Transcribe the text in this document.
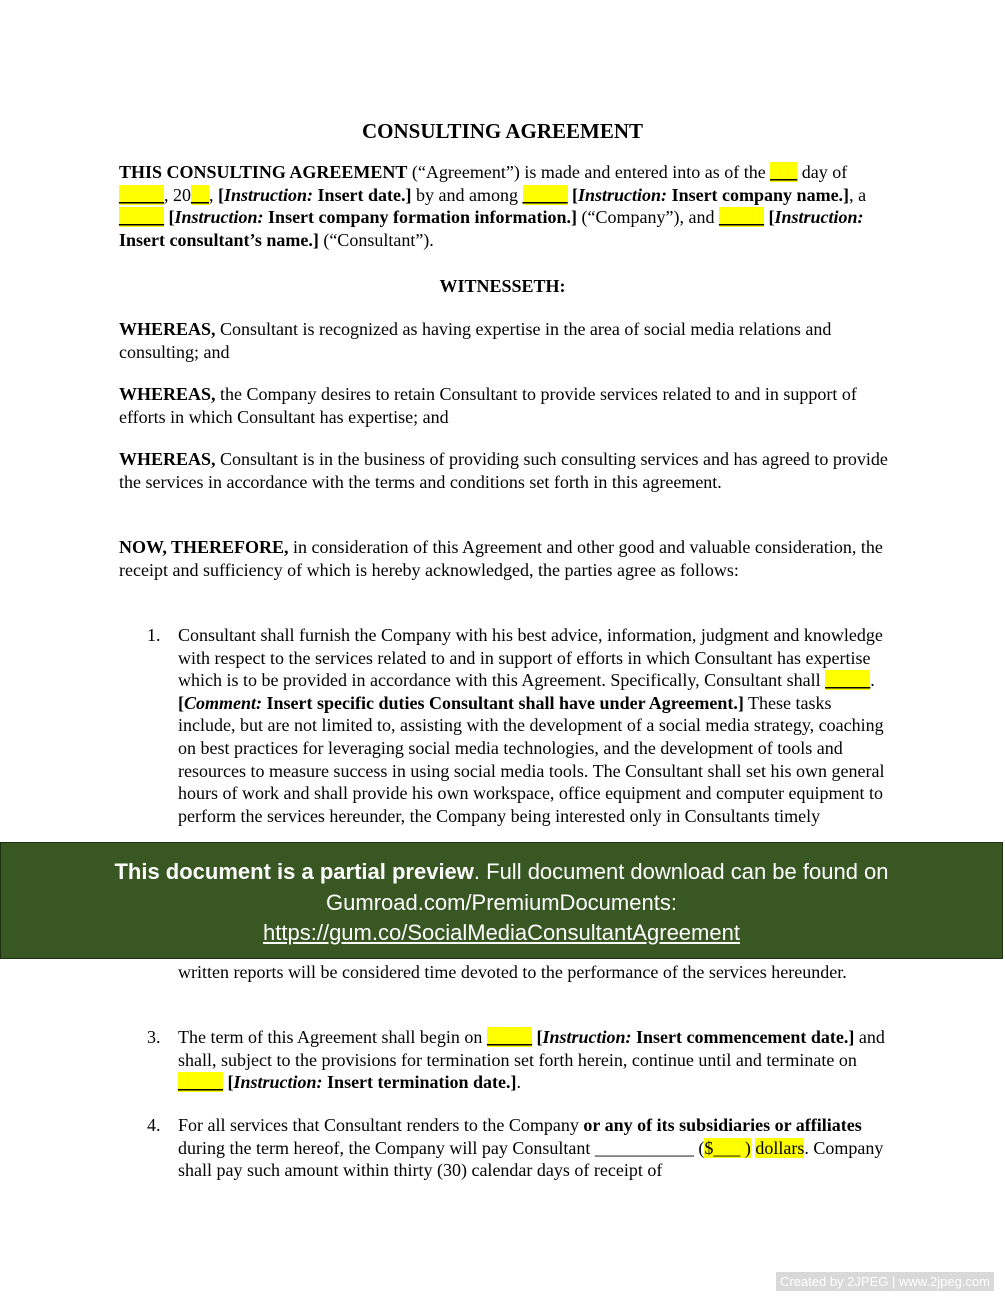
CONSULTING AGREEMENT

THIS CONSULTING AGREEMENT (“Agreement”) is made and entered into as of the ___ day of _____, 20__, [Instruction: Insert date.] by and among _____ [Instruction: Insert company name.], a _____ [Instruction: Insert company formation information.] (“Company”), and _____ [Instruction: Insert consultant’s name.] (“Consultant”).

WITNESSETH:

WHEREAS, Consultant is recognized as having expertise in the area of social media relations and consulting; and

WHEREAS, the Company desires to retain Consultant to provide services related to and in support of efforts in which Consultant has expertise; and

WHEREAS, Consultant is in the business of providing such consulting services and has agreed to provide the services in accordance with the terms and conditions set forth in this agreement.

NOW, THEREFORE, in consideration of this Agreement and other good and valuable consideration, the receipt and sufficiency of which is hereby acknowledged, the parties agree as follows:

1. Consultant shall furnish the Company with his best advice, information, judgment and knowledge with respect to the services related to and in support of efforts in which Consultant has expertise which is to be provided in accordance with this Agreement. Specifically, Consultant shall _____. [Comment: Insert specific duties Consultant shall have under Agreement.] These tasks include, but are not limited to, assisting with the development of a social media strategy, coaching on best practices for leveraging social media technologies, and the development of tools and resources to measure success in using social media tools. The Consultant shall set his own general hours of work and shall provide his own workspace, office equipment and computer equipment to perform the services hereunder, the Company being interested only in Consultants timely

written reports will be considered time devoted to the performance of the services hereunder.

3. The term of this Agreement shall begin on _____ [Instruction: Insert commencement date.] and shall, subject to the provisions for termination set forth herein, continue until and terminate on _____ [Instruction: Insert termination date.].

4. For all services that Consultant renders to the Company or any of its subsidiaries or affiliates during the term hereof, the Company will pay Consultant ___________ ($___ ) dollars. Company shall pay such amount within thirty (30) calendar days of receipt of

This document is a partial preview. Full document download can be found on
Gumroad.com/PremiumDocuments:
https://gum.co/SocialMediaConsultantAgreement
Created by 2JPEG | www.2jpeg.com
